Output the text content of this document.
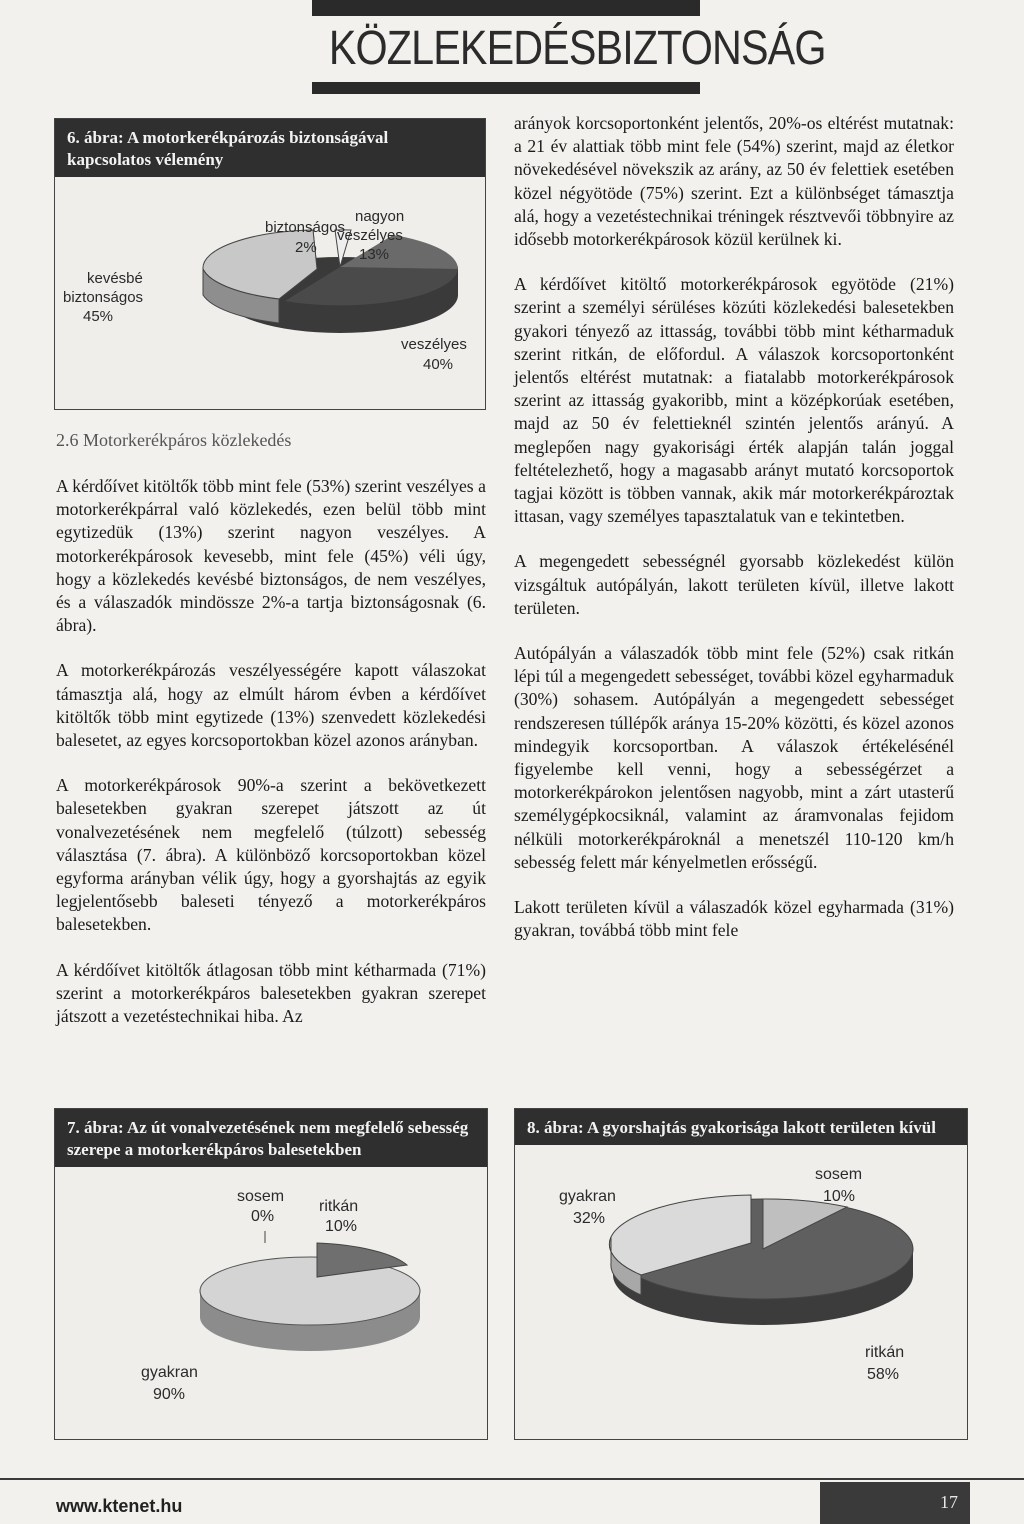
KÖZLEKEDÉSBIZTONSÁG
6. ábra: A motorkerékpározás biztonságával kapcsolatos vélemény
biztonságos
2%
nagyon
veszélyes
13%
kevésbé
biztonságos
45%
veszélyes
40%
2.6 Motorkerékpáros közlekedés

A kérdőívet kitöltők több mint fele (53%) szerint veszélyes a motorkerékpárral való közlekedés, ezen belül több mint egytizedük (13%) szerint nagyon veszélyes. A motorkerékpárosok kevesebb, mint fele (45%) véli úgy, hogy a közlekedés kevésbé biztonságos, de nem veszélyes, és a válaszadók mindössze 2%-a tartja biztonságosnak (6. ábra).

A motorkerékpározás veszélyességére kapott válaszokat támasztja alá, hogy az elmúlt három évben a kérdőívet kitöltők több mint egytizede (13%) szenvedett közlekedési balesetet, az egyes korcsoportokban közel azonos arányban.

A motorkerékpárosok 90%-a szerint a bekövetkezett balesetekben gyakran szerepet játszott az út vonalvezetésének nem megfelelő (túlzott) sebesség választása (7. ábra). A különböző korcsoportokban közel egyforma arányban vélik úgy, hogy a gyorshajtás az egyik legjelentősebb baleseti tényező a motorkerékpáros balesetekben.

A kérdőívet kitöltők átlagosan több mint kétharmada (71%) szerint a motorkerékpáros balesetekben gyakran szerepet játszott a vezetéstechnikai hiba. Az

arányok korcsoportonként jelentős, 20%-os eltérést mutatnak: a 21 év alattiak több mint fele (54%) szerint, majd az életkor növekedésével növekszik az arány, az 50 év felettiek esetében közel négyötöde (75%) szerint. Ezt a különbséget támasztja alá, hogy a vezetéstechnikai tréningek résztvevői többnyire az idősebb motorkerékpárosok közül kerülnek ki.

A kérdőívet kitöltő motorkerékpárosok egyötöde (21%) szerint a személyi sérüléses közúti közlekedési balesetekben gyakori tényező az ittasság, további több mint kétharmaduk szerint ritkán, de előfordul. A válaszok korcsoportonként jelentős eltérést mutatnak: a fiatalabb motorkerékpárosok szerint az ittasság gyakoribb, mint a középkorúak esetében, majd az 50 év felettieknél szintén jelentős arányú. A meglepően nagy gyakorisági érték alapján talán joggal feltételezhető, hogy a magasabb arányt mutató korcsoportok tagjai között is többen vannak, akik már motorkerékpároztak ittasan, vagy személyes tapasztalatuk van e tekintetben.

A megengedett sebességnél gyorsabb közlekedést külön vizsgáltuk autópályán, lakott területen kívül, illetve lakott területen.

Autópályán a válaszadók több mint fele (52%) csak ritkán lépi túl a megengedett sebességet, további közel egyharmaduk (30%) sohasem. Autópályán a megengedett sebességet rendszeresen túllépők aránya 15-20% közötti, és közel azonos mindegyik korcsoportban. A válaszok értékelésénél figyelembe kell venni, hogy a sebességérzet a motorkerékpárokon jelentősen nagyobb, mint a zárt utasterű személygépkocsiknál, valamint az áramvonalas fejidom nélküli motorkerékpároknál a menetszél 110-120 km/h sebesség felett már kényelmetlen erősségű.

Lakott területen kívül a válaszadók közel egyharmada (31%) gyakran, továbbá több mint fele

7. ábra: Az út vonalvezetésének nem megfelelő sebesség szerepe a motorkerékpáros balesetekben
sosem
0%
ritkán
10%
gyakran
90%
8. ábra: A gyorshajtás gyakorisága lakott területen kívül
gyakran
32%
sosem
10%
ritkán
58%
www.ktenet.hu	17
